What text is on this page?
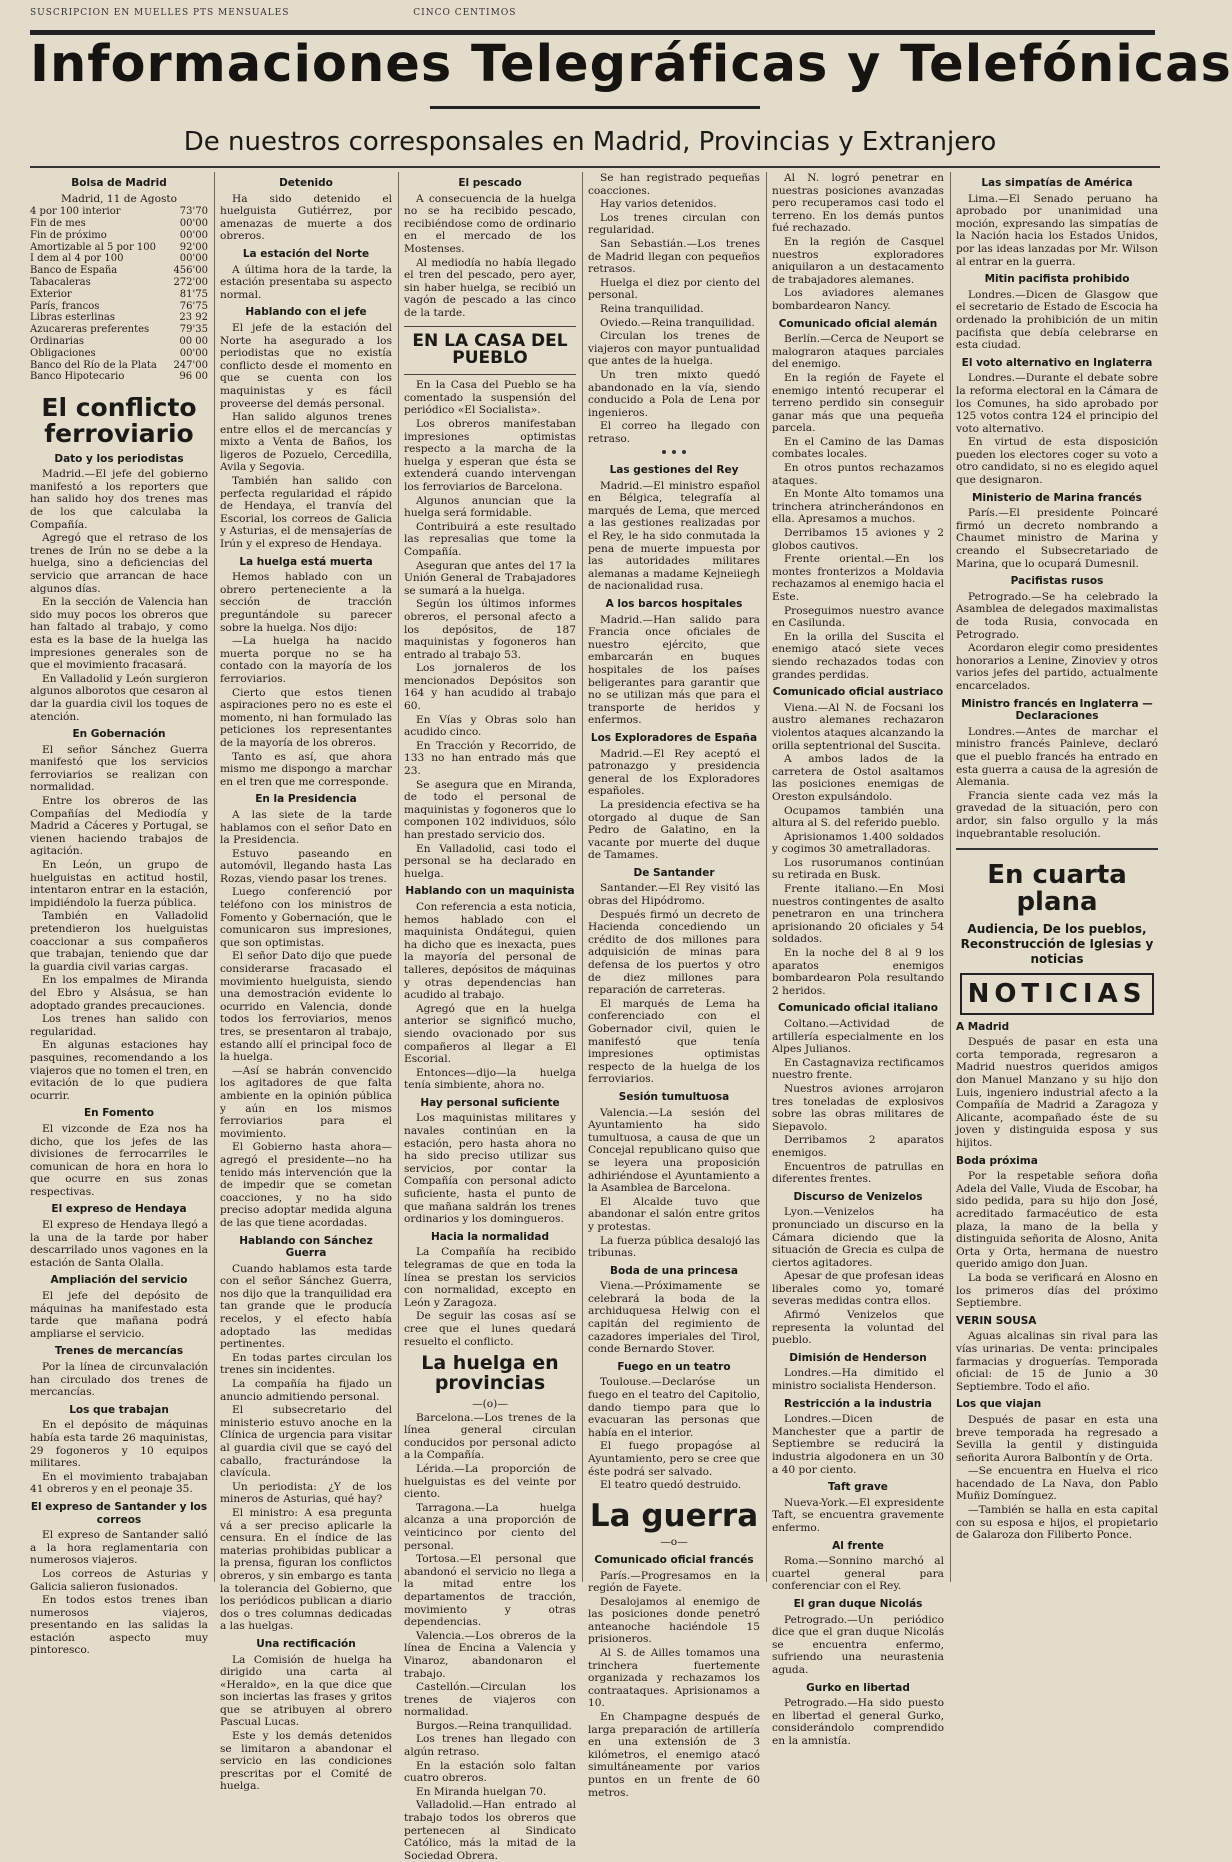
SUSCRIPCION EN MUELLES PTS MENSUALES	CINCO CENTIMOS
Informaciones Telegráficas y Telefónicas
De nuestros corresponsales en Madrid, Provincias y Extranjero
Bolsa de Madrid

Madrid, 11 de Agosto

4 por 100 interior	73'70
Fin de mes	00'00
Fin de próximo	00'00
Amortizable al 5 por 100 92'00
I dem al 4 por 100	00'00
Banco de España	456'00
Tabacaleras	272'00
Exterior	81'75
París, francos	76'75
Libras esterlinas	23 92
Azucareras preferentes	79'35
Ordinarias	00 00
Obligaciones	00'00
Banco del Río de la Plata 247'00
Banco Hipotecario	96 00
El conflicto ferroviario
Dato y los periodistas

Madrid.—El jefe del gobierno manifestó a los reporters que han salido hoy dos trenes mas de los que calculaba la Compañía.

Agregó que el retraso de los trenes de Irún no se debe a la huelga, sino a deficiencias del servicio que arrancan de hace algunos días.

En la sección de Valencia han sido muy pocos los obreros que han faltado al trabajo, y como esta es la base de la huelga las impresiones generales son de que el movimiento fracasará.

En Valladolid y León surgieron algunos alborotos que cesaron al dar la guardia civil los toques de atención.

En Gobernación

El señor Sánchez Guerra manifestó que los servicios ferroviarios se realizan con normalidad.

Entre los obreros de las Compañías del Mediodía y Madrid a Cáceres y Portugal, se vienen haciendo trabajos de agitación.

En León, un grupo de huelguistas en actitud hostil, intentaron entrar en la estación, impidiéndolo la fuerza pública.

También en Valladolid pretendieron los huelguistas coaccionar a sus compañeros que trabajan, teniendo que dar la guardia civil varias cargas.

En los empalmes de Miranda del Ebro y Alsásua, se han adoptado grandes precauciones.

Los trenes han salido con regularidad.

En algunas estaciones hay pasquines, recomendando a los viajeros que no tomen el tren, en evitación de lo que pudiera ocurrir.

En Fomento

El vizconde de Eza nos ha dicho, que los jefes de las divisiones de ferrocarriles le comunican de hora en hora lo que ocurre en sus zonas respectivas.

El expreso de Hendaya

El expreso de Hendaya llegó a la una de la tarde por haber descarrilado unos vagones en la estación de Santa Olalla.

Ampliación del servicio

El jefe del depósito de máquinas ha manifestado esta tarde que mañana podrá ampliarse el servicio.

Trenes de mercancías

Por la línea de circunvalación han circulado dos trenes de mercancías.

Los que trabajan

En el depósito de máquinas había esta tarde 26 maquinistas, 29 fogoneros y 10 equipos militares.

En el movimiento trabajaban 41 obreros y en el peonaje 35.

El expreso de Santander y los correos

El expreso de Santander salió a la hora reglamentaria con numerosos viajeros.

Los correos de Asturias y Galicia salieron fusionados.

En todos estos trenes iban numerosos viajeros, presentando en las salidas la estación aspecto muy pintoresco.

Detenido

Ha sido detenido el huelguista Gutiérrez, por amenazas de muerte a dos obreros.

La estación del Norte

A última hora de la tarde, la estación presentaba su aspecto normal.

Hablando con el jefe

El jefe de la estación del Norte ha asegurado a los periodistas que no existía conflicto desde el momento en que se cuenta con los maquinistas y es fácil proveerse del demás personal.

Han salido algunos trenes entre ellos el de mercancías y mixto a Venta de Baños, los ligeros de Pozuelo, Cercedilla, Avila y Segovia.

También han salido con perfecta regularidad el rápido de Hendaya, el tranvía del Escorial, los correos de Galicia y Asturias, el de mensajerías de Irún y el expreso de Hendaya.

La huelga está muerta

Hemos hablado con un obrero perteneciente a la sección de tracción preguntándole su parecer sobre la huelga. Nos dijo:

—La huelga ha nacido muerta porque no se ha contado con la mayoría de los ferroviarios.

Cierto que estos tienen aspiraciones pero no es este el momento, ni han formulado las peticiones los representantes de la mayoría de los obreros.

Tanto es así, que ahora mismo me dispongo a marchar en el tren que me corresponde.

En la Presidencia

A las siete de la tarde hablamos con el señor Dato en la Presidencia.

Estuvo paseando en automóvil, llegando hasta Las Rozas, viendo pasar los trenes.

Luego conferenció por teléfono con los ministros de Fomento y Gobernación, que le comunicaron sus impresiones, que son optimistas.

El señor Dato dijo que puede considerarse fracasado el movimiento huelguista, siendo una demostración evidente lo ocurrido en Valencia, donde todos los ferroviarios, menos tres, se presentaron al trabajo, estando allí el principal foco de la huelga.

—Así se habrán convencido los agitadores de que falta ambiente en la opinión pública y aún en los mismos ferroviarios para el movimiento.

El Gobierno hasta ahora—agregó el presidente—no ha tenido más intervención que la de impedir que se cometan coacciones, y no ha sido preciso adoptar medida alguna de las que tiene acordadas.

Hablando con Sánchez Guerra

Cuando hablamos esta tarde con el señor Sánchez Guerra, nos dijo que la tranquilidad era tan grande que le producía recelos, y el efecto había adoptado las medidas pertinentes.

En todas partes circulan los trenes sin incidentes.

La compañía ha fijado un anuncio admitiendo personal.

El subsecretario del ministerio estuvo anoche en la Clínica de urgencia para visitar al guardia civil que se cayó del caballo, fracturándose la clavícula.

Un periodista: ¿Y de los mineros de Asturias, qué hay?

El ministro: A esa pregunta vá a ser preciso aplicarle la censura. En el índice de las materias prohibidas publicar a la prensa, figuran los conflictos obreros, y sin embargo es tanta la tolerancia del Gobierno, que los periódicos publican a diario dos o tres columnas dedicadas a las huelgas.

Una rectificación

La Comisión de huelga ha dirigido una carta al «Heraldo», en la que dice que son inciertas las frases y gritos que se atribuyen al obrero Pascual Lucas.

Este y los demás detenidos se limitaron a abandonar el servicio en las condiciones prescritas por el Comité de huelga.

El pescado

A consecuencia de la huelga no se ha recibido pescado, recibiéndose como de ordinario en el mercado de los Mostenses.

Al mediodía no había llegado el tren del pescado, pero ayer, sin haber huelga, se recibió un vagón de pescado a las cinco de la tarde.

EN LA CASA DEL PUEBLO

En la Casa del Pueblo se ha comentado la suspensión del periódico «El Socialista».

Los obreros manifestaban impresiones optimistas respecto a la marcha de la huelga y esperan que ésta se extenderá cuando intervengan los ferroviarios de Barcelona.

Algunos anuncian que la huelga será formidable.

Contribuirá a este resultado las represalias que tome la Compañía.

Aseguran que antes del 17 la Unión General de Trabajadores se sumará a la huelga.

Según los últimos informes obreros, el personal afecto a los depósitos, de 187 maquinistas y fogoneros han entrado al trabajo 53.

Los jornaleros de los mencionados Depósitos son 164 y han acudido al trabajo 60.

En Vías y Obras solo han acudido cinco.

En Tracción y Recorrido, de 133 no han entrado más que 23.

Se asegura que en Miranda, de todo el personal de maquinistas y fogoneros que lo componen 102 individuos, sólo han prestado servicio dos.

En Valladolid, casi todo el personal se ha declarado en huelga.

Hablando con un maquinista

Con referencia a esta noticia, hemos hablado con el maquinista Ondátegui, quien ha dicho que es inexacta, pues la mayoría del personal de talleres, depósitos de máquinas y otras dependencias han acudido al trabajo.

Agregó que en la huelga anterior se significó mucho, siendo ovacionado por sus compañeros al llegar a El Escorial.

Entonces—dijo—la huelga tenía simbiente, ahora no.

Hay personal suficiente

Los maquinistas militares y navales continúan en la estación, pero hasta ahora no ha sido preciso utilizar sus servicios, por contar la Compañía con personal adicto suficiente, hasta el punto de que mañana saldrán los trenes ordinarios y los domingueros.

Hacia la normalidad

La Compañía ha recibido telegramas de que en toda la línea se prestan los servicios con normalidad, excepto en León y Zaragoza.

De seguir las cosas así se cree que el lunes quedará resuelto el conflicto.

La huelga en provincias

—(o)—

Barcelona.—Los trenes de la línea general circulan conducidos por personal adicto a la Compañía.

Lérida.—La proporción de huelguistas es del veinte por ciento.

Tarragona.—La huelga alcanza a una proporción de veinticinco por ciento del personal.

Tortosa.—El personal que abandonó el servicio no llega a la mitad entre los departamentos de tracción, movimiento y otras dependencias.

Valencia.—Los obreros de la línea de Encina a Valencia y Vinaroz, abandonaron el trabajo.

Castellón.—Circulan los trenes de viajeros con normalidad.

Burgos.—Reina tranquilidad.

Los trenes han llegado con algún retraso.

En la estación solo faltan cuatro obreros.

En Miranda huelgan 70.

Valladolid.—Han entrado al trabajo todos los obreros que pertenecen al Sindicato Católico, más la mitad de la Sociedad Obrera.

Se han registrado pequeñas coacciones.

Hay varios detenidos.

Los trenes circulan con regularidad.

San Sebastián.—Los trenes de Madrid llegan con pequeños retrasos.

Huelga el diez por ciento del personal.

Reina tranquilidad.

Oviedo.—Reina tranquilidad.

Circulan los trenes de viajeros con mayor puntualidad que antes de la huelga.

Un tren mixto quedó abandonado en la vía, siendo conducido a Pola de Lena por ingenieros.

El correo ha llegado con retraso.

Las gestiones del Rey

Madrid.—El ministro español en Bélgica, telegrafía al marqués de Lema, que merced a las gestiones realizadas por el Rey, le ha sido conmutada la pena de muerte impuesta por las autoridades militares alemanas a madame Kejneiiegh de nacionalidad rusa.

A los barcos hospitales

Madrid.—Han salido para Francia once oficiales de nuestro ejército, que embarcarán en buques hospitales de los países beligerantes para garantir que no se utilizan más que para el transporte de heridos y enfermos.

Los Exploradores de España

Madrid.—El Rey aceptó el patronazgo y presidencia general de los Exploradores españoles.

La presidencia efectiva se ha otorgado al duque de San Pedro de Galatino, en la vacante por muerte del duque de Tamames.

De Santander

Santander.—El Rey visitó las obras del Hipódromo.

Después firmó un decreto de Hacienda concediendo un crédito de dos millones para adquisición de minas para defensa de los puertos y otro de diez millones para reparación de carreteras.

El marqués de Lema ha conferenciado con el Gobernador civil, quien le manifestó que tenía impresiones optimistas respecto de la huelga de los ferroviarios.

Sesión tumultuosa

Valencia.—La sesión del Ayuntamiento ha sido tumultuosa, a causa de que un Concejal republicano quiso que se leyera una proposición adhiriéndose el Ayuntamiento a la Asamblea de Barcelona.

El Alcalde tuvo que abandonar el salón entre gritos y protestas.

La fuerza pública desalojó las tribunas.

Boda de una princesa

Viena.—Próximamente se celebrará la boda de la archiduquesa Helwig con el capitán del regimiento de cazadores imperiales del Tirol, conde Bernardo Stover.

Fuego en un teatro

Toulouse.—Declaróse un fuego en el teatro del Capitolio, dando tiempo para que lo evacuaran las personas que había en el interior.

El fuego propagóse al Ayuntamiento, pero se cree que éste podrá ser salvado.

El teatro quedó destruido.

La guerra

—o—

Comunicado oficial francés

París.—Progresamos en la región de Fayete.

Desalojamos al enemigo de las posiciones donde penetró anteanoche haciéndole 15 prisioneros.

Al S. de Ailles tomamos una trinchera fuertemente organizada y rechazamos los contraataques. Aprisionamos a 10.

En Champagne después de larga preparación de artillería en una extensión de 3 kilómetros, el enemigo atacó simultáneamente por varios puntos en un frente de 60 metros.

Al N. logró penetrar en nuestras posiciones avanzadas pero recuperamos casi todo el terreno. En los demás puntos fué rechazado.

En la región de Casquel nuestros exploradores aniquilaron a un destacamento de trabajadores alemanes.

Los aviadores alemanes bombardearon Nancy.

Comunicado oficial alemán

Berlín.—Cerca de Neuport se malograron ataques parciales del enemigo.

En la región de Fayete el enemigo intentó recuperar el terreno perdido sin conseguir ganar más que una pequeña parcela.

En el Camino de las Damas combates locales.

En otros puntos rechazamos ataques.

En Monte Alto tomamos una trinchera atrincherándonos en ella. Apresamos a muchos.

Derribamos 15 aviones y 2 globos cautivos.

Frente oriental.—En los montes fronterizos a Moldavia rechazamos al enemigo hacia el Este.

Proseguimos nuestro avance en Casilunda.

En la orilla del Suscita el enemigo atacó siete veces siendo rechazados todas con grandes perdidas.

Comunicado oficial austriaco

Viena.—Al N. de Focsani los austro alemanes rechazaron violentos ataques alcanzando la orilla septentrional del Suscita.

A ambos lados de la carretera de Ostol asaltamos las posiciones enemigas de Oreston expulsándolo.

Ocupamos también una altura al S. del referido pueblo.

Aprisionamos 1.400 soldados y cogimos 30 ametralladoras.

Los rusorumanos continúan su retirada en Busk.

Frente italiano.—En Mosi nuestros contingentes de asalto penetraron en una trinchera aprisionando 20 oficiales y 54 soldados.

En la noche del 8 al 9 los aparatos enemigos bombardearon Pola resultando 2 heridos.

Comunicado oficial italiano

Coltano.—Actividad de artillería especialmente en los Alpes Julianos.

En Castagnaviza rectificamos nuestro frente.

Nuestros aviones arrojaron tres toneladas de explosivos sobre las obras militares de Siepavolo.

Derribamos 2 aparatos enemigos.

Encuentros de patrullas en diferentes frentes.

Discurso de Venizelos

Lyon.—Venizelos ha pronunciado un discurso en la Cámara diciendo que la situación de Grecia es culpa de ciertos agitadores.

Apesar de que profesan ideas liberales como yo, tomaré severas medidas contra ellos.

Afirmó Venizelos que representa la voluntad del pueblo.

Dimisión de Henderson

Londres.—Ha dimitido el ministro socialista Henderson.

Restricción a la industria

Londres.—Dicen de Manchester que a partir de Septiembre se reducirá la industria algodonera en un 30 a 40 por ciento.

Taft grave

Nueva-York.—El expresidente Taft, se encuentra gravemente enfermo.

Al frente

Roma.—Sonnino marchó al cuartel general para conferenciar con el Rey.

El gran duque Nicolás

Petrogrado.—Un periódico dice que el gran duque Nicolás se encuentra enfermo, sufriendo una neurastenia aguda.

Gurko en libertad

Petrogrado.—Ha sido puesto en libertad el general Gurko, considerándolo comprendido en la amnistía.

Las simpatías de América

Lima.—El Senado peruano ha aprobado por unanimidad una moción, expresando las simpatías de la Nación hacia los Estados Unidos, por las ideas lanzadas por Mr. Wilson al entrar en la guerra.

Mitin pacifista prohibido

Londres.—Dicen de Glasgow que el secretario de Estado de Escocia ha ordenado la prohibición de un mitin pacifista que debía celebrarse en esta ciudad.

El voto alternativo en Inglaterra

Londres.—Durante el debate sobre la reforma electoral en la Cámara de los Comunes, ha sido aprobado por 125 votos contra 124 el principio del voto alternativo.

En virtud de esta disposición pueden los electores coger su voto a otro candidato, si no es elegido aquel que designaron.

Ministerio de Marina francés

París.—El presidente Poincaré firmó un decreto nombrando a Chaumet ministro de Marina y creando el Subsecretariado de Marina, que lo ocupará Dumesnil.

Pacifistas rusos

Petrogrado.—Se ha celebrado la Asamblea de delegados maximalistas de toda Rusia, convocada en Petrogrado.

Acordaron elegir como presidentes honorarios a Lenine, Zinoviev y otros varios jefes del partido, actualmente encarcelados.

Ministro francés en Inglaterra —Declaraciones

Londres.—Antes de marchar el ministro francés Painleve, declaró que el pueblo francés ha entrado en esta guerra a causa de la agresión de Alemania.

Francia siente cada vez más la gravedad de la situación, pero con ardor, sin falso orgullo y la más inquebrantable resolución.

En cuarta plana
Audiencia, De los pueblos, Reconstrucción de Iglesias y noticias
NOTICIAS
A Madrid

Después de pasar en esta una corta temporada, regresaron a Madrid nuestros queridos amigos don Manuel Manzano y su hijo don Luis, ingeniero industrial afecto a la Compañía de Madrid a Zaragoza y Alicante, acompañado éste de su joven y distinguida esposa y sus hijitos.

Boda próxima

Por la respetable señora doña Adela del Valle, Viuda de Escobar, ha sido pedida, para su hijo don José, acreditado farmacéutico de esta plaza, la mano de la bella y distinguida señorita de Alosno, Anita Orta y Orta, hermana de nuestro querido amigo don Juan.

La boda se verificará en Alosno en los primeros días del próximo Septiembre.

VERIN SOUSA

Aguas alcalinas sin rival para las vías urinarias. De venta: principales farmacias y droguerías. Temporada oficial: de 15 de Junio a 30 Septiembre. Todo el año.

Los que viajan

Después de pasar en esta una breve temporada ha regresado a Sevilla la gentil y distinguida señorita Aurora Balbontín y de Orta.

—Se encuentra en Huelva el rico hacendado de La Nava, don Pablo Muñiz Domínguez.

—También se halla en esta capital con su esposa e hijos, el propietario de Galaroza don Filiberto Ponce.
